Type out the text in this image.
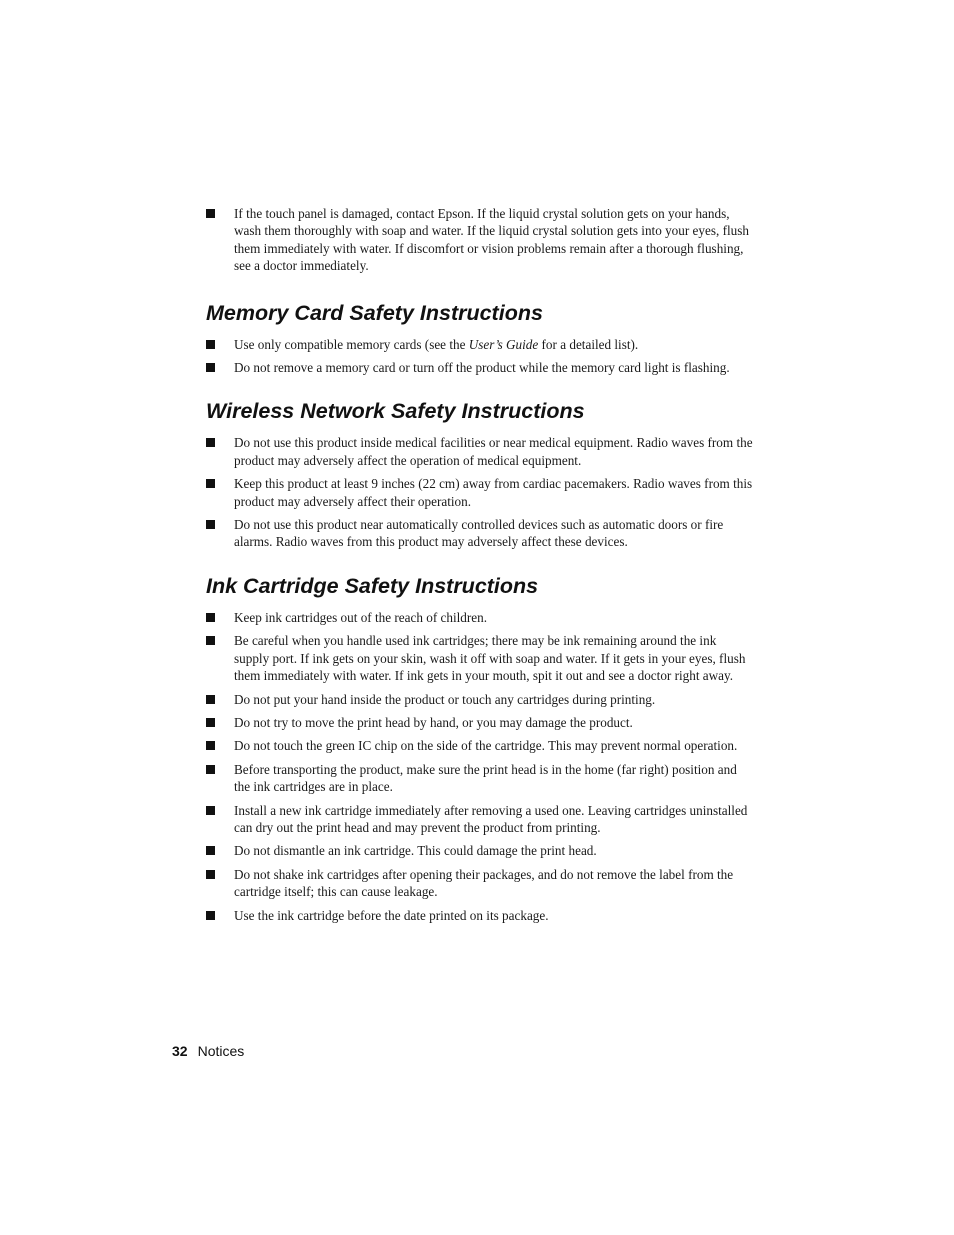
If the touch panel is damaged, contact Epson. If the liquid crystal solution gets on your hands, wash them thoroughly with soap and water. If the liquid crystal solution gets into your eyes, flush them immediately with water. If discomfort or vision problems remain after a thorough flushing, see a doctor immediately.
Memory Card Safety Instructions
Use only compatible memory cards (see the User’s Guide for a detailed list).
Do not remove a memory card or turn off the product while the memory card light is flashing.
Wireless Network Safety Instructions
Do not use this product inside medical facilities or near medical equipment. Radio waves from the product may adversely affect the operation of medical equipment.
Keep this product at least 9 inches (22 cm) away from cardiac pacemakers. Radio waves from this product may adversely affect their operation.
Do not use this product near automatically controlled devices such as automatic doors or fire alarms. Radio waves from this product may adversely affect these devices.
Ink Cartridge Safety Instructions
Keep ink cartridges out of the reach of children.
Be careful when you handle used ink cartridges; there may be ink remaining around the ink supply port. If ink gets on your skin, wash it off with soap and water. If it gets in your eyes, flush them immediately with water. If ink gets in your mouth, spit it out and see a doctor right away.
Do not put your hand inside the product or touch any cartridges during printing.
Do not try to move the print head by hand, or you may damage the product.
Do not touch the green IC chip on the side of the cartridge. This may prevent normal operation.
Before transporting the product, make sure the print head is in the home (far right) position and the ink cartridges are in place.
Install a new ink cartridge immediately after removing a used one. Leaving cartridges uninstalled can dry out the print head and may prevent the product from printing.
Do not dismantle an ink cartridge. This could damage the print head.
Do not shake ink cartridges after opening their packages, and do not remove the label from the cartridge itself; this can cause leakage.
Use the ink cartridge before the date printed on its package.
32 Notices
